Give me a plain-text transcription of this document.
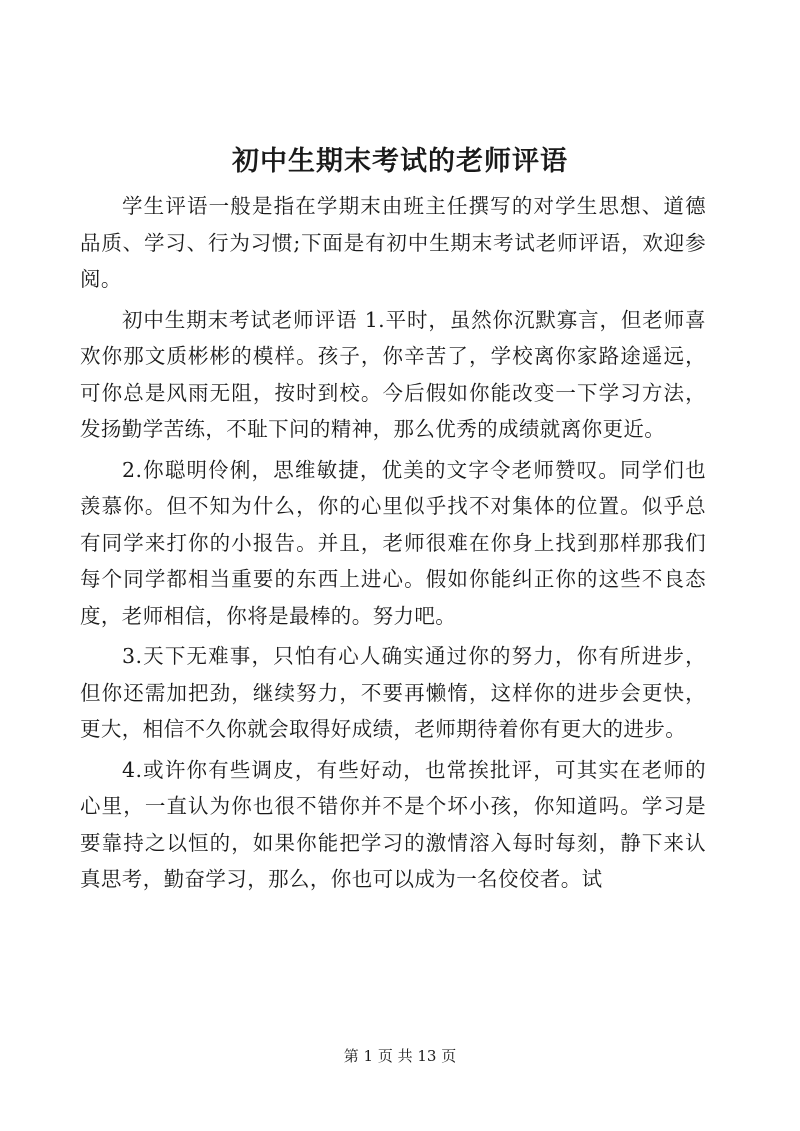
初中生期末考试的老师评语

学生评语一般是指在学期末由班主任撰写的对学生思想、道德品质、学习、行为习惯;下面是有初中生期末考试老师评语，欢迎参阅。

初中生期末考试老师评语 1.平时，虽然你沉默寡言，但老师喜欢你那文质彬彬的模样。孩子，你辛苦了，学校离你家路途遥远，可你总是风雨无阻，按时到校。今后假如你能改变一下学习方法，发扬勤学苦练，不耻下问的精神，那么优秀的成绩就离你更近。

2.你聪明伶俐，思维敏捷，优美的文字令老师赞叹。同学们也羡慕你。但不知为什么，你的心里似乎找不对集体的位置。似乎总有同学来打你的小报告。并且，老师很难在你身上找到那样那我们每个同学都相当重要的东西上进心。假如你能纠正你的这些不良态度，老师相信，你将是最棒的。努力吧。

3.天下无难事，只怕有心人确实通过你的努力，你有所进步，但你还需加把劲，继续努力，不要再懒惰，这样你的进步会更快，更大，相信不久你就会取得好成绩，老师期待着你有更大的进步。

4.或许你有些调皮，有些好动，也常挨批评，可其实在老师的心里，一直认为你也很不错你并不是个坏小孩，你知道吗。学习是要靠持之以恒的，如果你能把学习的激情溶入每时每刻，静下来认真思考，勤奋学习，那么，你也可以成为一名佼佼者。试

第 1 页 共 13 页
